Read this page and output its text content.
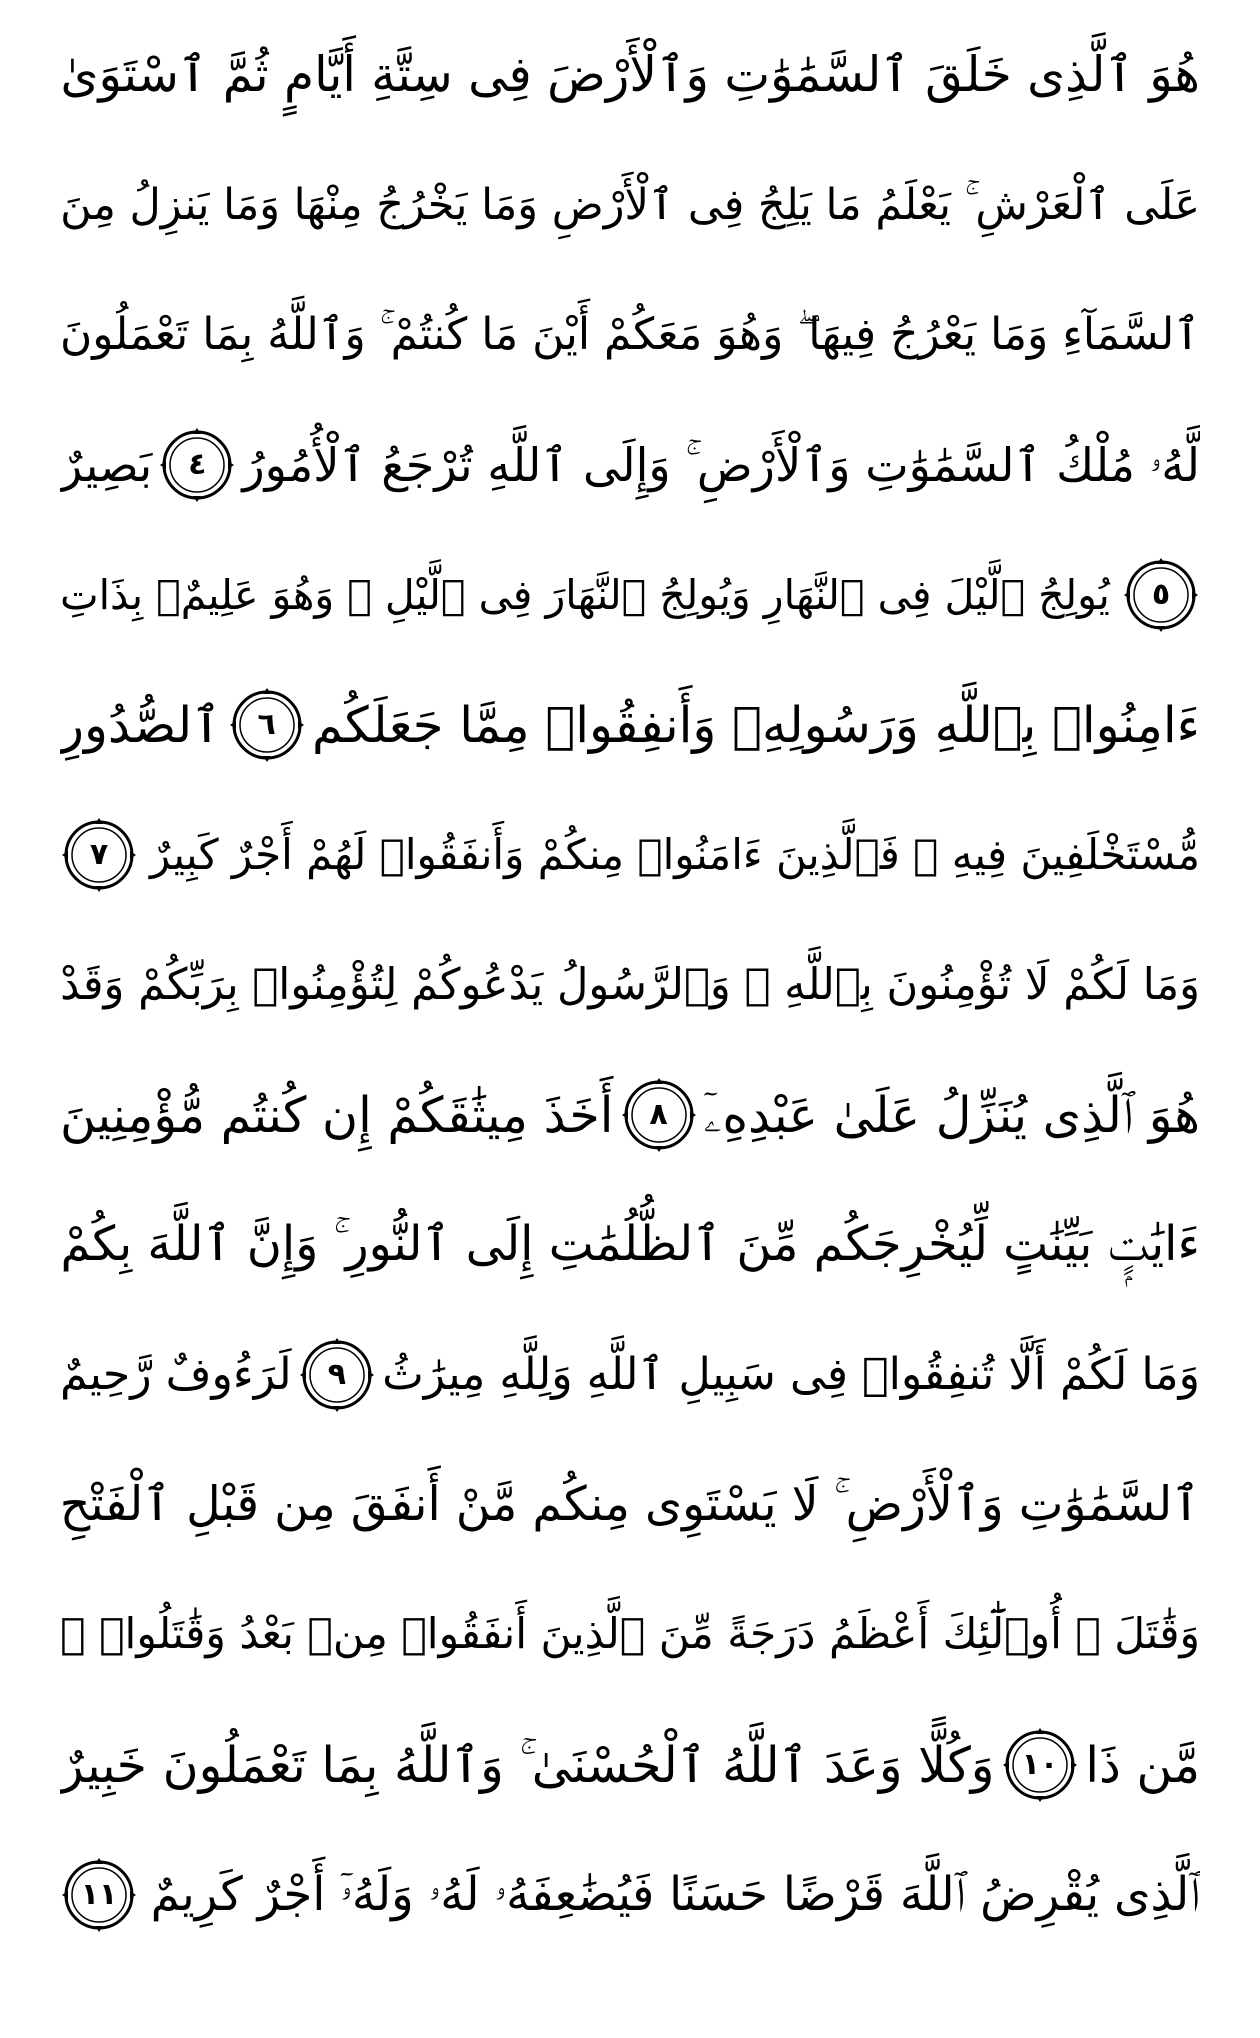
هُوَ ٱلَّذِى خَلَقَ ٱلسَّمَٰوَٰتِ وَٱلْأَرْضَ فِى سِتَّةِ أَيَّامٍ ثُمَّ ٱسْتَوَىٰ
عَلَى ٱلْعَرْشِ ۚ يَعْلَمُ مَا يَلِجُ فِى ٱلْأَرْضِ وَمَا يَخْرُجُ مِنْهَا وَمَا يَنزِلُ مِنَ
ٱلسَّمَآءِ وَمَا يَعْرُجُ فِيهَا ۖ وَهُوَ مَعَكُمْ أَيْنَ مَا كُنتُمْ ۚ وَٱللَّهُ بِمَا تَعْمَلُونَ
لَّهُۥ مُلْكُ ٱلسَّمَٰوَٰتِ وَٱلْأَرْضِ ۚ وَإِلَى ٱللَّهِ تُرْجَعُ ٱلْأُمُورُ
٤
بَصِيرٌ
٥
يُولِجُ ٱلَّيْلَ فِى ٱلنَّهَارِ وَيُولِجُ ٱلنَّهَارَ فِى ٱلَّيْلِ ۚ وَهُوَ عَلِيمٌۢ بِذَاتِ
ءَامِنُوا۟ بِٱللَّهِ وَرَسُولِهِۦ وَأَنفِقُوا۟ مِمَّا جَعَلَكُم
٦
ٱلصُّدُورِ
مُّسْتَخْلَفِينَ فِيهِ ۖ فَٱلَّذِينَ ءَامَنُوا۟ مِنكُمْ وَأَنفَقُوا۟ لَهُمْ أَجْرٌ كَبِيرٌ
٧
وَمَا لَكُمْ لَا تُؤْمِنُونَ بِٱللَّهِ ۙ وَٱلرَّسُولُ يَدْعُوكُمْ لِتُؤْمِنُوا۟ بِرَبِّكُمْ وَقَدْ
هُوَ ٱلَّذِى يُنَزِّلُ عَلَىٰ عَبْدِهِۦٓ
٨
أَخَذَ مِيثَٰقَكُمْ إِن كُنتُم مُّؤْمِنِينَ
ءَايَٰتٍۭ بَيِّنَٰتٍ لِّيُخْرِجَكُم مِّنَ ٱلظُّلُمَٰتِ إِلَى ٱلنُّورِ ۚ وَإِنَّ ٱللَّهَ بِكُمْ
وَمَا لَكُمْ أَلَّا تُنفِقُوا۟ فِى سَبِيلِ ٱللَّهِ وَلِلَّهِ مِيرَٰثُ
٩
لَرَءُوفٌ رَّحِيمٌ
ٱلسَّمَٰوَٰتِ وَٱلْأَرْضِ ۚ لَا يَسْتَوِى مِنكُم مَّنْ أَنفَقَ مِن قَبْلِ ٱلْفَتْحِ
وَقَٰتَلَ ۚ أُو۟لَٰٓئِكَ أَعْظَمُ دَرَجَةً مِّنَ ٱلَّذِينَ أَنفَقُوا۟ مِنۢ بَعْدُ وَقَٰتَلُوا۟ ۚ
مَّن ذَا
١٠
وَكُلًّا وَعَدَ ٱللَّهُ ٱلْحُسْنَىٰ ۚ وَٱللَّهُ بِمَا تَعْمَلُونَ خَبِيرٌ
ٱلَّذِى يُقْرِضُ ٱللَّهَ قَرْضًا حَسَنًا فَيُضَٰعِفَهُۥ لَهُۥ وَلَهُۥٓ أَجْرٌ كَرِيمٌ
١١
